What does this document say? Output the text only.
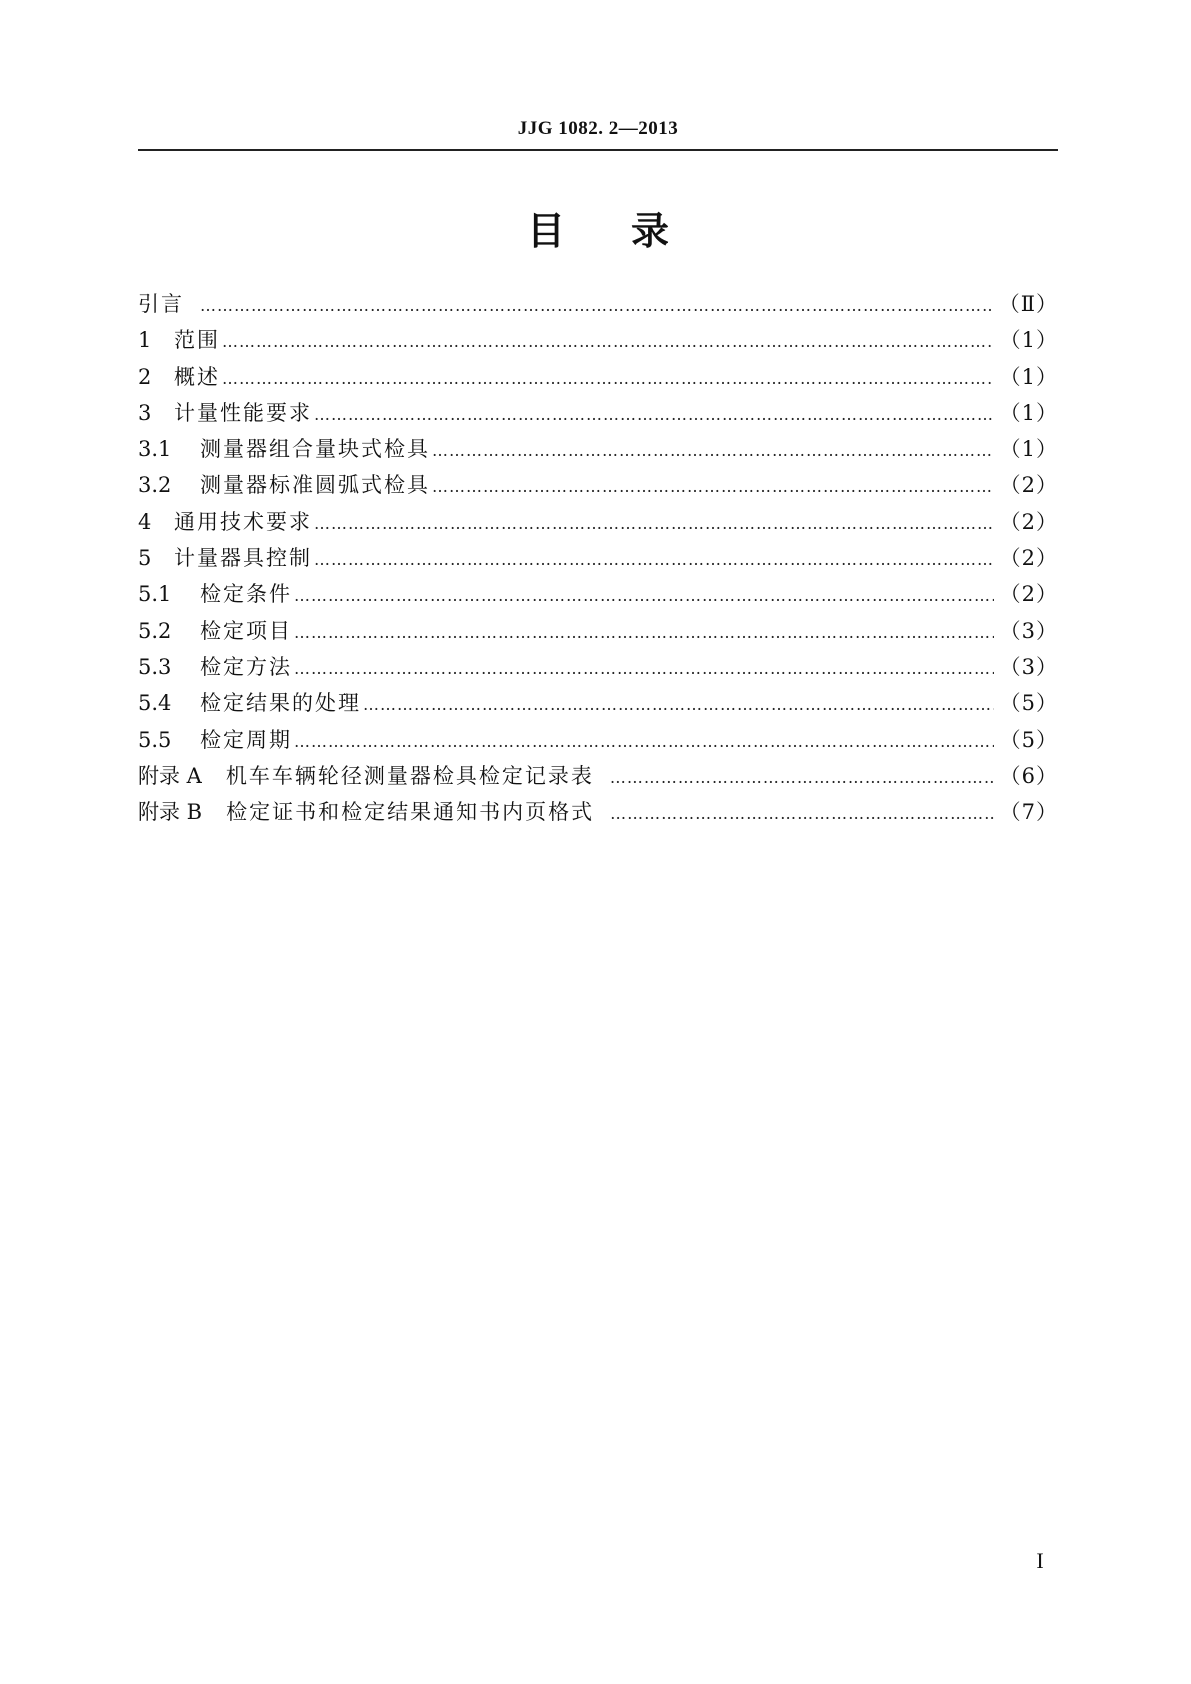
JJG 1082. 2—2013
目录
引言 ………………………………………………………………………………………………………………………………………………………………………………………………………………………………………………	（Ⅱ）
1	范围 ………………………………………………………………………………………………………………………………………………………………………………………………………………………………………………	（1）
2	概述 ………………………………………………………………………………………………………………………………………………………………………………………………………………………………………………	（1）
3	计量性能要求 ………………………………………………………………………………………………………………………………………………………………………………………………………………………………………………	（1）
3.1	测量器组合量块式检具 ………………………………………………………………………………………………………………………………………………………………………………………………………………………………………………	（1）
3.2	测量器标准圆弧式检具 ………………………………………………………………………………………………………………………………………………………………………………………………………………………………………………	（2）
4	通用技术要求 ………………………………………………………………………………………………………………………………………………………………………………………………………………………………………………	（2）
5	计量器具控制 ………………………………………………………………………………………………………………………………………………………………………………………………………………………………………………	（2）
5.1	检定条件 ………………………………………………………………………………………………………………………………………………………………………………………………………………………………………………	（2）
5.2	检定项目 ………………………………………………………………………………………………………………………………………………………………………………………………………………………………………………	（3）
5.3	检定方法 ………………………………………………………………………………………………………………………………………………………………………………………………………………………………………………	（3）
5.4	检定结果的处理 ………………………………………………………………………………………………………………………………………………………………………………………………………………………………………………	（5）
5.5	检定周期 ………………………………………………………………………………………………………………………………………………………………………………………………………………………………………………	（5）
附录 A 机车车辆轮径测量器检具检定记录表 ………………………………………………………………………………………………………………………………………………………………………………………………………………………………………………	（6）
附录 B 检定证书和检定结果通知书内页格式 ………………………………………………………………………………………………………………………………………………………………………………………………………………………………………………	（7）
I
